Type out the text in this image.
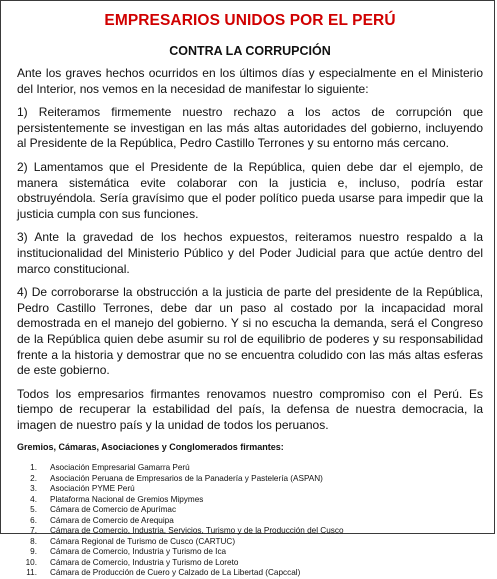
EMPRESARIOS UNIDOS POR EL PERÚ
CONTRA LA CORRUPCIÓN

Ante los graves hechos ocurridos en los últimos días y especialmente en el Ministerio del Interior, nos vemos en la necesidad de manifestar lo siguiente:

1) Reiteramos firmemente nuestro rechazo a los actos de corrupción que persistentemente se investigan en las más altas autoridades del gobierno, incluyendo al Presidente de la República, Pedro Castillo Terrones y su entorno más cercano.

2) Lamentamos que el Presidente de la República, quien debe dar el ejemplo, de manera sistemática evite colaborar con la justicia e, incluso, podría estar obstruyéndola. Sería gravísimo que el poder político pueda usarse para impedir que la justicia cumpla con sus funciones.

3) Ante la gravedad de los hechos expuestos, reiteramos nuestro respaldo a la institucionalidad del Ministerio Público y del Poder Judicial para que actúe dentro del marco constitucional.

4) De corroborarse la obstrucción a la justicia de parte del presidente de la República, Pedro Castillo Terrones, debe dar un paso al costado por la incapacidad moral demostrada en el manejo del gobierno. Y si no escucha la demanda, será el Congreso de la República quien debe asumir su rol de equilibrio de poderes y su responsabilidad frente a la historia y demostrar que no se encuentra coludido con las más altas esferas de este gobierno.

Todos los empresarios firmantes renovamos nuestro compromiso con el Perú. Es tiempo de recuperar la estabilidad del país, la defensa de nuestra democracia, la imagen de nuestro país y la unidad de todos los peruanos.

Gremios, Cámaras, Asociaciones y Conglomerados firmantes:
1. Asociación Empresarial Gamarra Perú
2. Asociación Peruana de Empresarios de la Panadería y Pastelería (ASPAN)
3. Asociación PYME Perú
4. Plataforma Nacional de Gremios Mipymes
5. Cámara de Comercio de Apurímac
6. Cámara de Comercio de Arequipa
7. Cámara de Comercio, Industria, Servicios, Turismo y de la Producción del Cusco
8. Cámara Regional de Turismo de Cusco (CARTUC)
9. Cámara de Comercio, Industria y Turismo de Ica
10. Cámara de Comercio, Industria y Turismo de Loreto
11. Cámara de Producción de Cuero y Calzado de La Libertad (Capccal)
